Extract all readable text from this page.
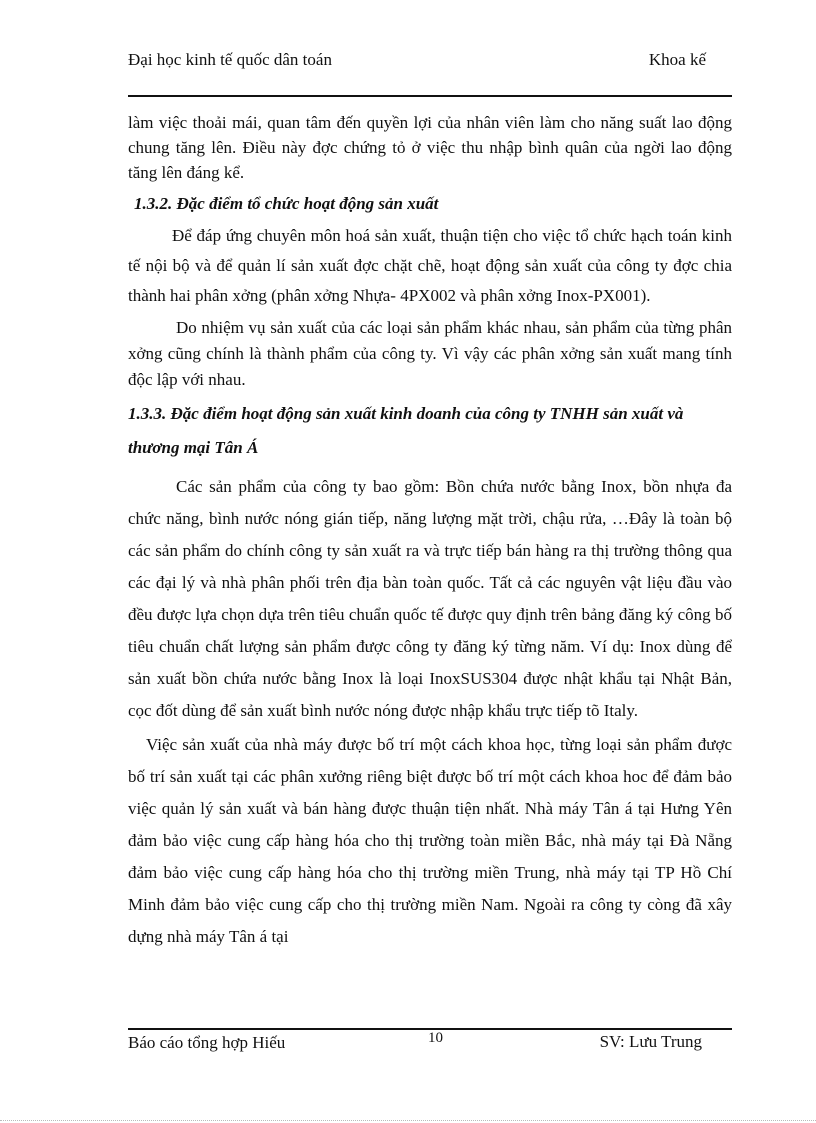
Đại học kinh tế quốc dân toán	Khoa kế

làm việc thoải mái, quan tâm đến quyền lợi của nhân viên làm cho năng suất lao động chung tăng lên. Điều này đợc chứng tỏ ở việc thu nhập bình quân của ngời lao động tăng lên đáng kể.

1.3.2. Đặc điểm tổ chức hoạt động sản xuất

Để đáp ứng chuyên môn hoá sản xuất, thuận tiện cho việc tổ chức hạch toán kinh tế nội bộ và để quản lí sản xuất đợc chặt chẽ, hoạt động sản xuất của công ty đợc chia thành hai phân xởng (phân xởng Nhựa- 4PX002 và phân xởng Inox-PX001).

Do nhiệm vụ sản xuất của các loại sản phẩm khác nhau, sản phẩm của từng phân xởng cũng chính là thành phẩm của công ty. Vì vậy các phân xởng sản xuất mang tính độc lập với nhau.

1.3.3. Đặc điểm hoạt động sản xuất kinh doanh của công ty TNHH sản xuất và thương mại Tân Á

Các sản phẩm của công ty bao gồm: Bồn chứa nước bằng Inox, bồn nhựa đa chức năng, bình nước nóng gián tiếp, năng lượng mặt trời, chậu rửa, …Đây là toàn bộ các sản phẩm do chính công ty sản xuất ra và trực tiếp bán hàng ra thị trường thông qua các đại lý và nhà phân phối trên địa bàn toàn quốc. Tất cả các nguyên vật liệu đầu vào đều được lựa chọn dựa trên tiêu chuẩn quốc tế được quy định trên bảng đăng ký công bố tiêu chuẩn chất lượng sản phẩm được công ty đăng ký từng năm. Ví dụ: Inox dùng để sản xuất bồn chứa nước bằng Inox là loại InoxSUS304 được nhật khẩu tại Nhật Bản, cọc đốt dùng để sản xuất bình nước nóng được nhập khẩu trực tiếp tõ Italy.

Việc sản xuất của nhà máy được bố trí một cách khoa học, từng loại sản phẩm được bố trí sản xuất tại các phân xưởng riêng biệt được bố trí một cách khoa hoc để đảm bảo việc quản lý sản xuất và bán hàng được thuận tiện nhất. Nhà máy Tân á tại Hưng Yên đảm bảo việc cung cấp hàng hóa cho thị trường toàn miền Bắc, nhà máy tại Đà Nẵng đảm bảo việc cung cấp hàng hóa cho thị trường miền Trung, nhà máy tại TP Hồ Chí Minh đảm bảo việc cung cấp cho thị trường miền Nam. Ngoài ra công ty còng đã xây dựng nhà máy Tân á tại

Báo cáo tổng hợp Hiếu	10	SV: Lưu Trung
